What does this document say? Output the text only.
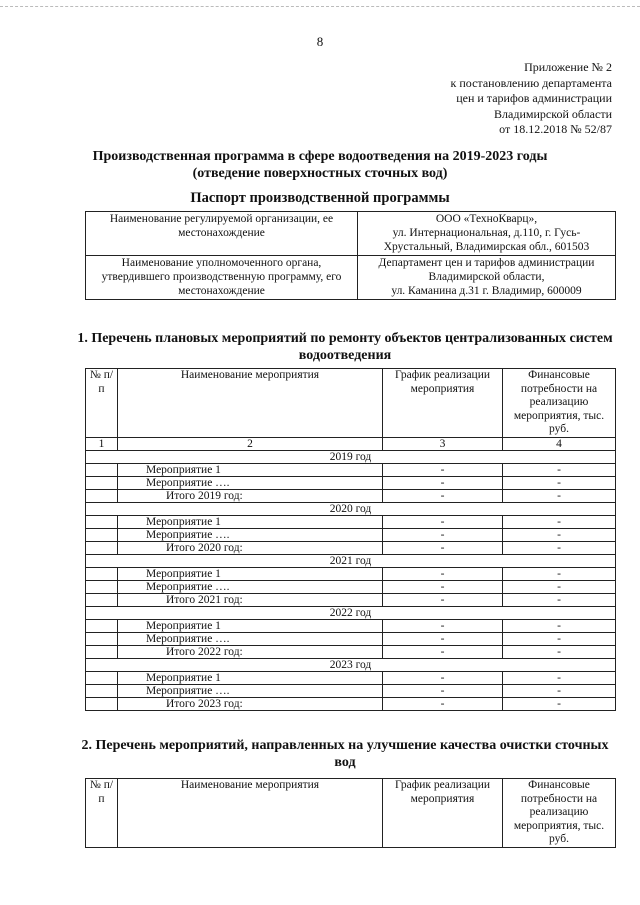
8
Приложение № 2
к постановлению департамента
цен и тарифов администрации
Владимирской области
от 18.12.2018 № 52/87
Производственная программа в сфере водоотведения на 2019-2023 годы
(отведение поверхностных сточных вод)
Паспорт производственной программы
Наименование регулируемой организации, ее местонахождение	ООО «ТехноКварц»,
ул. Интернациональная, д.110, г. Гусь-Хрустальный, Владимирская обл., 601503

Наименование уполномоченного органа, утвердившего производственную программу, его местонахождение	Департамент цен и тарифов администрации
Владимирской области,
ул. Каманина д.31 г. Владимир, 600009
1. Перечень плановых мероприятий по ремонту объектов централизованных систем водоотведения
№ п/п	Наименование мероприятия	График реализации мероприятия	Финансовые потребности на реализацию мероприятия, тыс. руб.
1	2	3	4
2019 год			
	Мероприятие 1	-	-
	Мероприятие ….	-	-
	Итого 2019 год:	-	-
2020 год			
	Мероприятие 1	-	-
	Мероприятие ….	-	-
	Итого 2020 год:	-	-
2021 год			
	Мероприятие 1	-	-
	Мероприятие ….	-	-
	Итого 2021 год:	-	-
2022 год			
	Мероприятие 1	-	-
	Мероприятие ….	-	-
	Итого 2022 год:	-	-
2023 год			
	Мероприятие 1	-	-
	Мероприятие ….	-	-
	Итого 2023 год:	-	-
2. Перечень мероприятий, направленных на улучшение качества очистки сточных вод
№ п/п	Наименование мероприятия	График реализации мероприятия	Финансовые потребности на реализацию мероприятия, тыс. руб.
